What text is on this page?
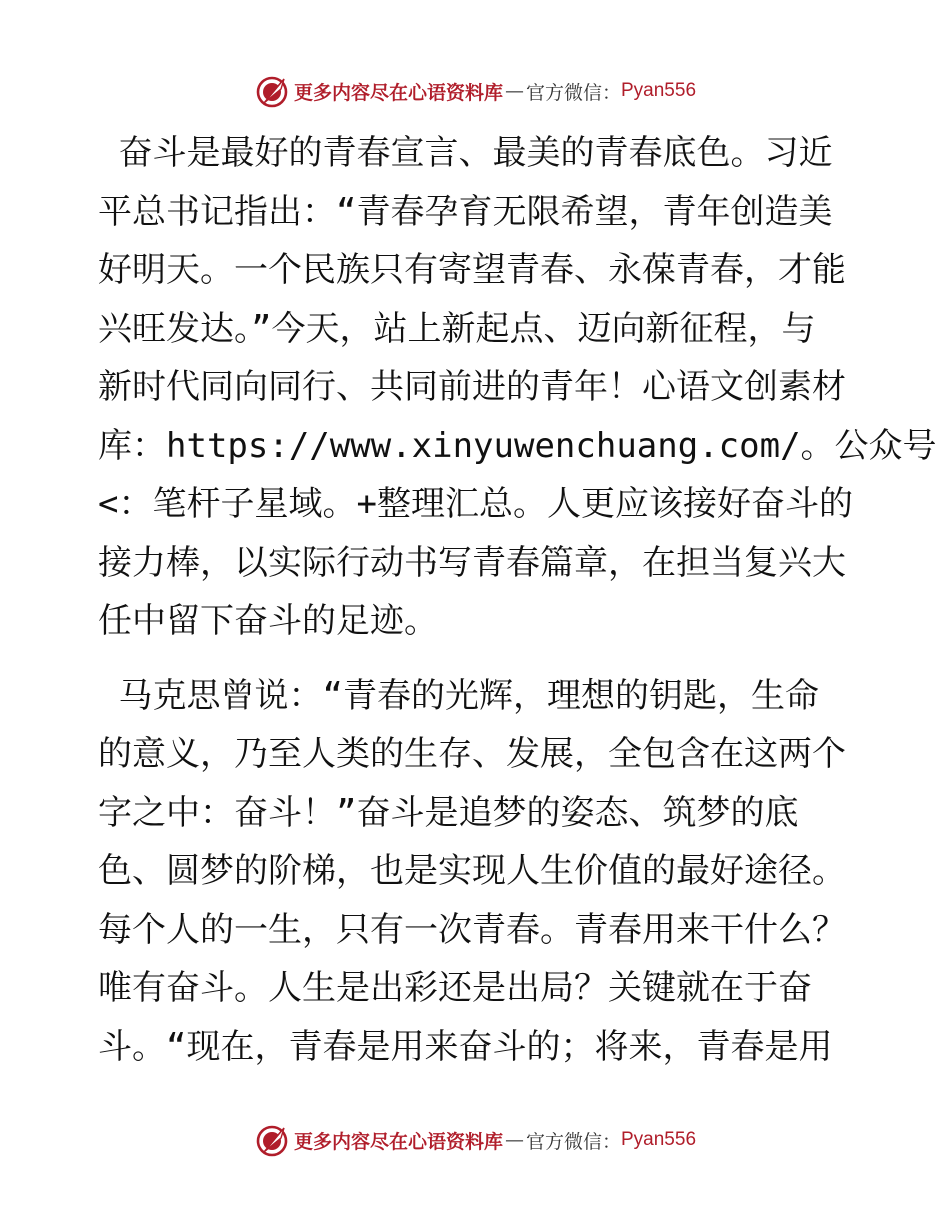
更多内容尽在心语资料库 — 官方微信： Pyan556

奋斗是最好的青春宣言、最美的青春底色。习近
平总书记指出：“青春孕育无限希望，青年创造美
好明天。一个民族只有寄望青春、永葆青春，才能
兴旺发达。”今天，站上新起点、迈向新征程，与
新时代同向同行、共同前进的青年！心语文创素材
库：https://www.xinyuwenchuang.com/。公众号
<：笔杆子星域。+整理汇总。人更应该接好奋斗的
接力棒，以实际行动书写青春篇章，在担当复兴大
任中留下奋斗的足迹。

马克思曾说：“青春的光辉，理想的钥匙，生命
的意义，乃至人类的生存、发展，全包含在这两个
字之中：奋斗！”奋斗是追梦的姿态、筑梦的底
色、圆梦的阶梯，也是实现人生价值的最好途径。
每个人的一生，只有一次青春。青春用来干什么？
唯有奋斗。人生是出彩还是出局？关键就在于奋
斗。“现在，青春是用来奋斗的；将来，青春是用

更多内容尽在心语资料库 — 官方微信： Pyan556
